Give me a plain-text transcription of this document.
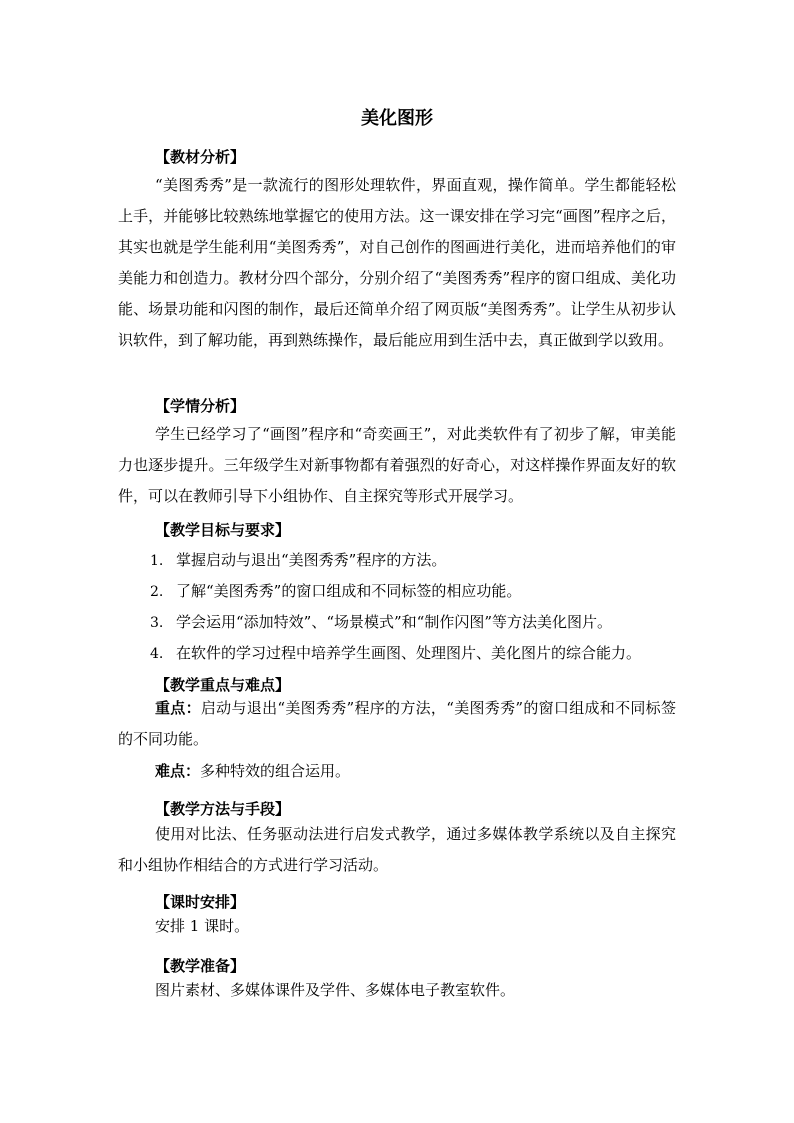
美化图形
【教材分析】
“美图秀秀”是一款流行的图形处理软件，界面直观，操作简单。学生都能轻松上手，并能够比较熟练地掌握它的使用方法。这一课安排在学习完“画图”程序之后，其实也就是学生能利用“美图秀秀”，对自己创作的图画进行美化，进而培养他们的审美能力和创造力。教材分四个部分，分别介绍了“美图秀秀”程序的窗口组成、美化功能、场景功能和闪图的制作，最后还简单介绍了网页版“美图秀秀”。让学生从初步认识软件，到了解功能，再到熟练操作，最后能应用到生活中去，真正做到学以致用。
【学情分析】
学生已经学习了“画图”程序和“奇奕画王”，对此类软件有了初步了解，审美能力也逐步提升。三年级学生对新事物都有着强烈的好奇心，对这样操作界面友好的软件，可以在教师引导下小组协作、自主探究等形式开展学习。
【教学目标与要求】
1. 掌握启动与退出“美图秀秀”程序的方法。
2. 了解“美图秀秀”的窗口组成和不同标签的相应功能。
3. 学会运用“添加特效”、“场景模式”和“制作闪图”等方法美化图片。
4. 在软件的学习过程中培养学生画图、处理图片、美化图片的综合能力。
【教学重点与难点】
重点：启动与退出“美图秀秀”程序的方法，“美图秀秀”的窗口组成和不同标签的不同功能。
难点：多种特效的组合运用。
【教学方法与手段】
使用对比法、任务驱动法进行启发式教学，通过多媒体教学系统以及自主探究和小组协作相结合的方式进行学习活动。
【课时安排】
安排 1 课时。
【教学准备】
图片素材、多媒体课件及学件、多媒体电子教室软件。
